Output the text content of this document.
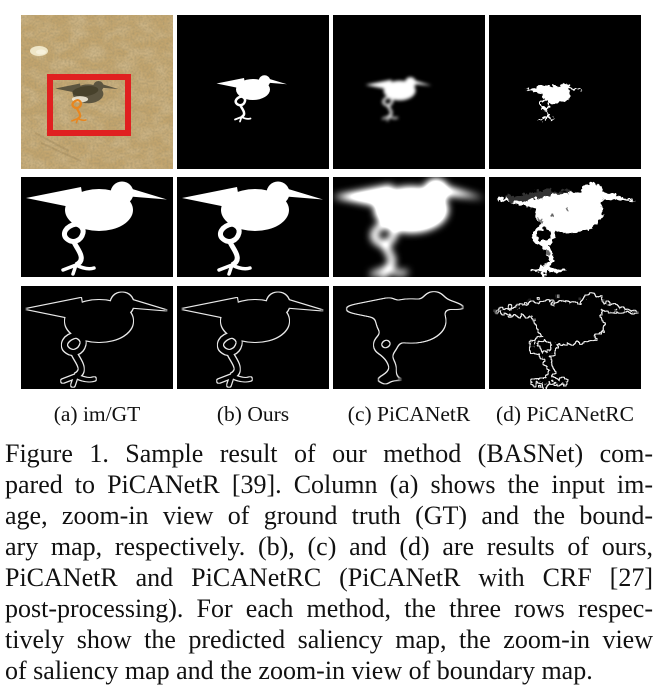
(a) im/GT	(b) Ours	(c) PiCANetR	(d) PiCANetRC
Figure 1. Sample result of our method (BASNet) com-
pared to PiCANetR [39]. Column (a) shows the input im-
age, zoom-in view of ground truth (GT) and the bound-
ary map, respectively. (b), (c) and (d) are results of ours,
PiCANetR and PiCANetRC (PiCANetR with CRF [27]
post-processing). For each method, the three rows respec-
tively show the predicted saliency map, the zoom-in view
of saliency map and the zoom-in view of boundary map.
